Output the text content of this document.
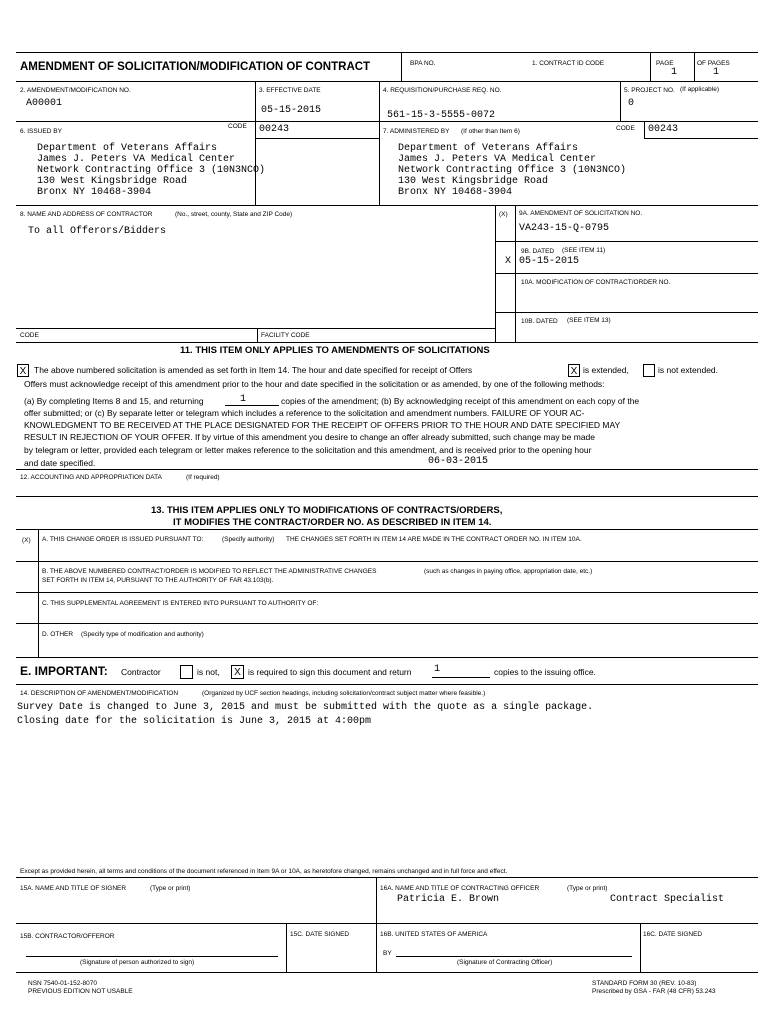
AMENDMENT OF SOLICITATION/MODIFICATION OF CONTRACT	BPA NO.	1. CONTRACT ID CODE	PAGE
1
OF PAGES
1
2. AMENDMENT/MODIFICATION NO.
A00001
3. EFFECTIVE DATE
05-15-2015
4. REQUISITION/PURCHASE REQ. NO.
561-15-3-5555-0072
5. PROJECT NO. (If applicable)
0
6. ISSUED BY
CODE 00243
Department of Veterans Affairs
James J. Peters VA Medical Center
Network Contracting Office 3 (10N3NCO)
130 West Kingsbridge Road
Bronx NY 10468-3904
7. ADMINISTERED BY (If other than Item 6)	CODE 00243
Department of Veterans Affairs
James J. Peters VA Medical Center
Network Contracting Office 3 (10N3NCO)
130 West Kingsbridge Road
Bronx NY 10468-3904
8. NAME AND ADDRESS OF CONTRACTOR	(No., street, county, State and ZIP Code)
To all Offerors/Bidders
(X) 9A. AMENDMENT OF SOLICITATION NO.
VA243-15-Q-0795
9B. DATED (SEE ITEM 11)
X 05-15-2015
10A. MODIFICATION OF CONTRACT/ORDER NO.
10B. DATED (SEE ITEM 13)
CODE	FACILITY CODE
11. THIS ITEM ONLY APPLIES TO AMENDMENTS OF SOLICITATIONS
X The above numbered solicitation is amended as set forth in Item 14. The hour and date specified for receipt of Offers	X is extended,	is not extended.
Offers must acknowledge receipt of this amendment prior to the hour and date specified in the solicitation or as amended, by one of the following methods:
(a) By completing Items 8 and 15, and returning	1	copies of the amendment; (b) By acknowledging receipt of this amendment on each copy of the
offer submitted; or (c) By separate letter or telegram which includes a reference to the solicitation and amendment numbers. FAILURE OF YOUR AC-
KNOWLEDGMENT TO BE RECEIVED AT THE PLACE DESIGNATED FOR THE RECEIPT OF OFFERS PRIOR TO THE HOUR AND DATE SPECIFIED MAY
RESULT IN REJECTION OF YOUR OFFER. If by virtue of this amendment you desire to change an offer already submitted, such change may be made
by telegram or letter, provided each telegram or letter makes reference to the solicitation and this amendment, and is received prior to the opening hour
and date specified.	06-03-2015
12. ACCOUNTING AND APPROPRIATION DATA	(If required)
13. THIS ITEM APPLIES ONLY TO MODIFICATIONS OF CONTRACTS/ORDERS,
IT MODIFIES THE CONTRACT/ORDER NO. AS DESCRIBED IN ITEM 14.
(X) A. THIS CHANGE ORDER IS ISSUED PURSUANT TO:	(Specify authority) THE CHANGES SET FORTH IN ITEM 14 ARE MADE IN THE CONTRACT ORDER NO. IN ITEM 10A.
B. THE ABOVE NUMBERED CONTRACT/ORDER IS MODIFIED TO REFLECT THE ADMINISTRATIVE CHANGES	(such as changes in paying office, appropriation date, etc.)
SET FORTH IN ITEM 14, PURSUANT TO THE AUTHORITY OF FAR 43.103(b).
C. THIS SUPPLEMENTAL AGREEMENT IS ENTERED INTO PURSUANT TO AUTHORITY OF:
D. OTHER (Specify type of modification and authority)
E. IMPORTANT: Contractor	is not,	X is required to sign this document and return 1	copies to the issuing office.
14. DESCRIPTION OF AMENDMENT/MODIFICATION	(Organized by UCF section headings, including solicitation/contract subject matter where feasible.)
Survey Date is changed to June 3, 2015 and must be submitted with the quote as a single package.
Closing date for the solicitation is June 3, 2015 at 4:00pm
Except as provided herein, all terms and conditions of the document referenced in Item 9A or 10A, as heretofore changed, remains unchanged and in full force and effect.
15A. NAME AND TITLE OF SIGNER	(Type or print)	16A. NAME AND TITLE OF CONTRACTING OFFICER	(Type or print)
Patricia E. Brown	Contract Specialist
15B. CONTRACTOR/OFFEROR	15C. DATE SIGNED	16B. UNITED STATES OF AMERICA	16C. DATE SIGNED
BY
(Signature of person authorized to sign)	(Signature of Contracting Officer)
NSN 7540-01-152-8070
PREVIOUS EDITION NOT USABLE
STANDARD FORM 30 (REV. 10-83)
Prescribed by GSA - FAR (48 CFR) 53.243
